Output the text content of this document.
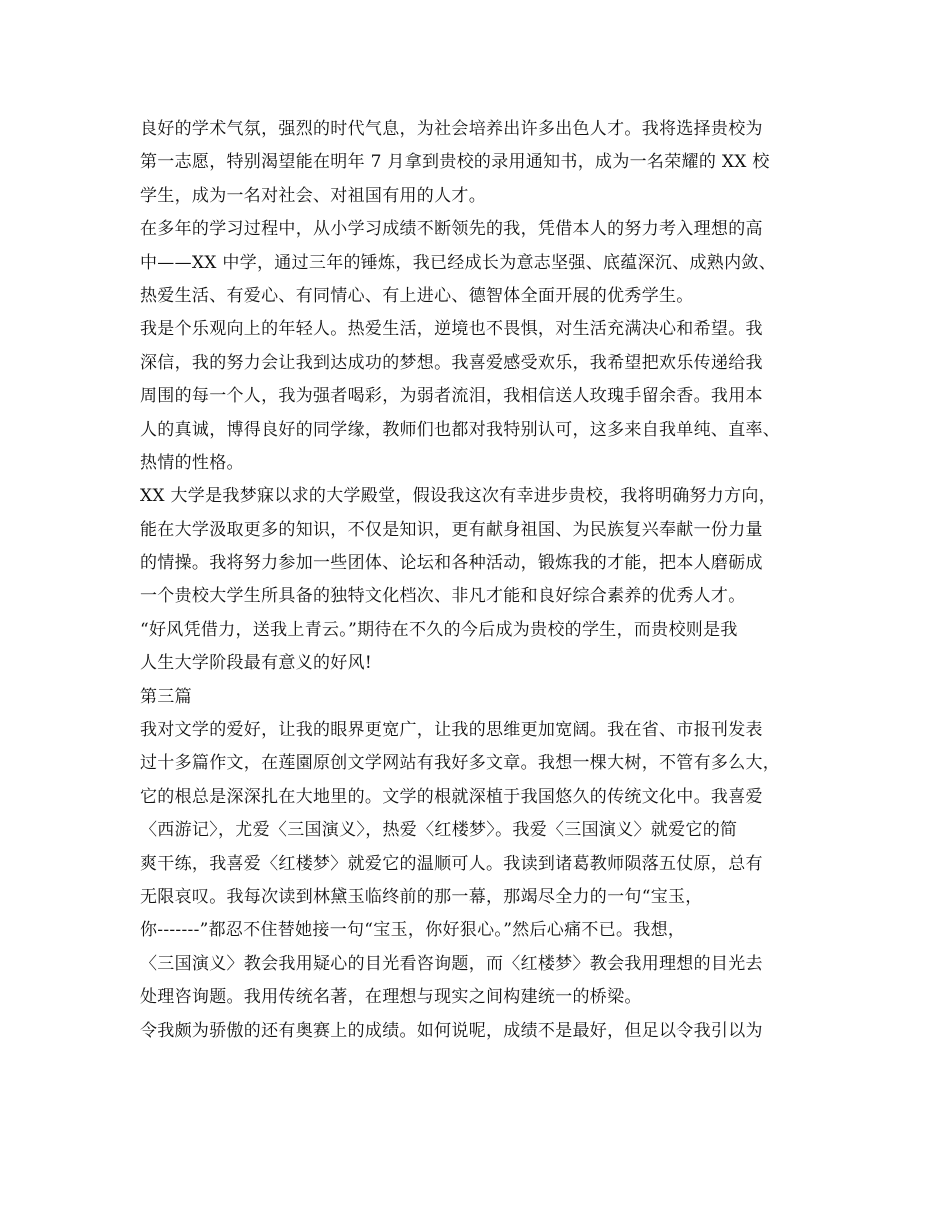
良好的学术气氛，强烈的时代气息，为社会培养出许多出色人才。我将选择贵校为
第一志愿，特别渴望能在明年 7 月拿到贵校的录用通知书，成为一名荣耀的 XX 校
学生，成为一名对社会、对祖国有用的人才。
在多年的学习过程中，从小学习成绩不断领先的我，凭借本人的努力考入理想的高
中——XX 中学，通过三年的锤炼，我已经成长为意志坚强、底蕴深沉、成熟内敛、
热爱生活、有爱心、有同情心、有上进心、德智体全面开展的优秀学生。
我是个乐观向上的年轻人。热爱生活，逆境也不畏惧，对生活充满决心和希望。我
深信，我的努力会让我到达成功的梦想。我喜爱感受欢乐，我希望把欢乐传递给我
周围的每一个人，我为强者喝彩，为弱者流泪，我相信送人玫瑰手留余香。我用本
人的真诚，博得良好的同学缘，教师们也都对我特别认可，这多来自我单纯、直率、
热情的性格。
XX 大学是我梦寐以求的大学殿堂，假设我这次有幸进步贵校，我将明确努力方向，
能在大学汲取更多的知识，不仅是知识，更有献身祖国、为民族复兴奉献一份力量
的情操。我将努力参加一些团体、论坛和各种活动，锻炼我的才能，把本人磨砺成
一个贵校大学生所具备的独特文化档次、非凡才能和良好综合素养的优秀人才。
“好风凭借力，送我上青云。”期待在不久的今后成为贵校的学生，而贵校则是我
人生大学阶段最有意义的好风!
第三篇
我对文学的爱好，让我的眼界更宽广，让我的思维更加宽阔。我在省、市报刊发表
过十多篇作文，在莲園原创文学网站有我好多文章。我想一棵大树，不管有多么大，
它的根总是深深扎在大地里的。文学的根就深植于我国悠久的传统文化中。我喜爱
〈西游记〉，尤爱〈三国演义〉，热爱〈红楼梦〉。我爱〈三国演义〉就爱它的简
爽干练，我喜爱〈红楼梦〉就爱它的温顺可人。我读到诸葛教师陨落五仗原，总有
无限哀叹。我每次读到林黛玉临终前的那一幕，那竭尽全力的一句“宝玉，
你-------”都忍不住替她接一句“宝玉，你好狠心。”然后心痛不已。我想，
〈三国演义〉教会我用疑心的目光看咨询题，而〈红楼梦〉教会我用理想的目光去
处理咨询题。我用传统名著，在理想与现实之间构建统一的桥梁。
令我颇为骄傲的还有奥赛上的成绩。如何说呢，成绩不是最好，但足以令我引以为
